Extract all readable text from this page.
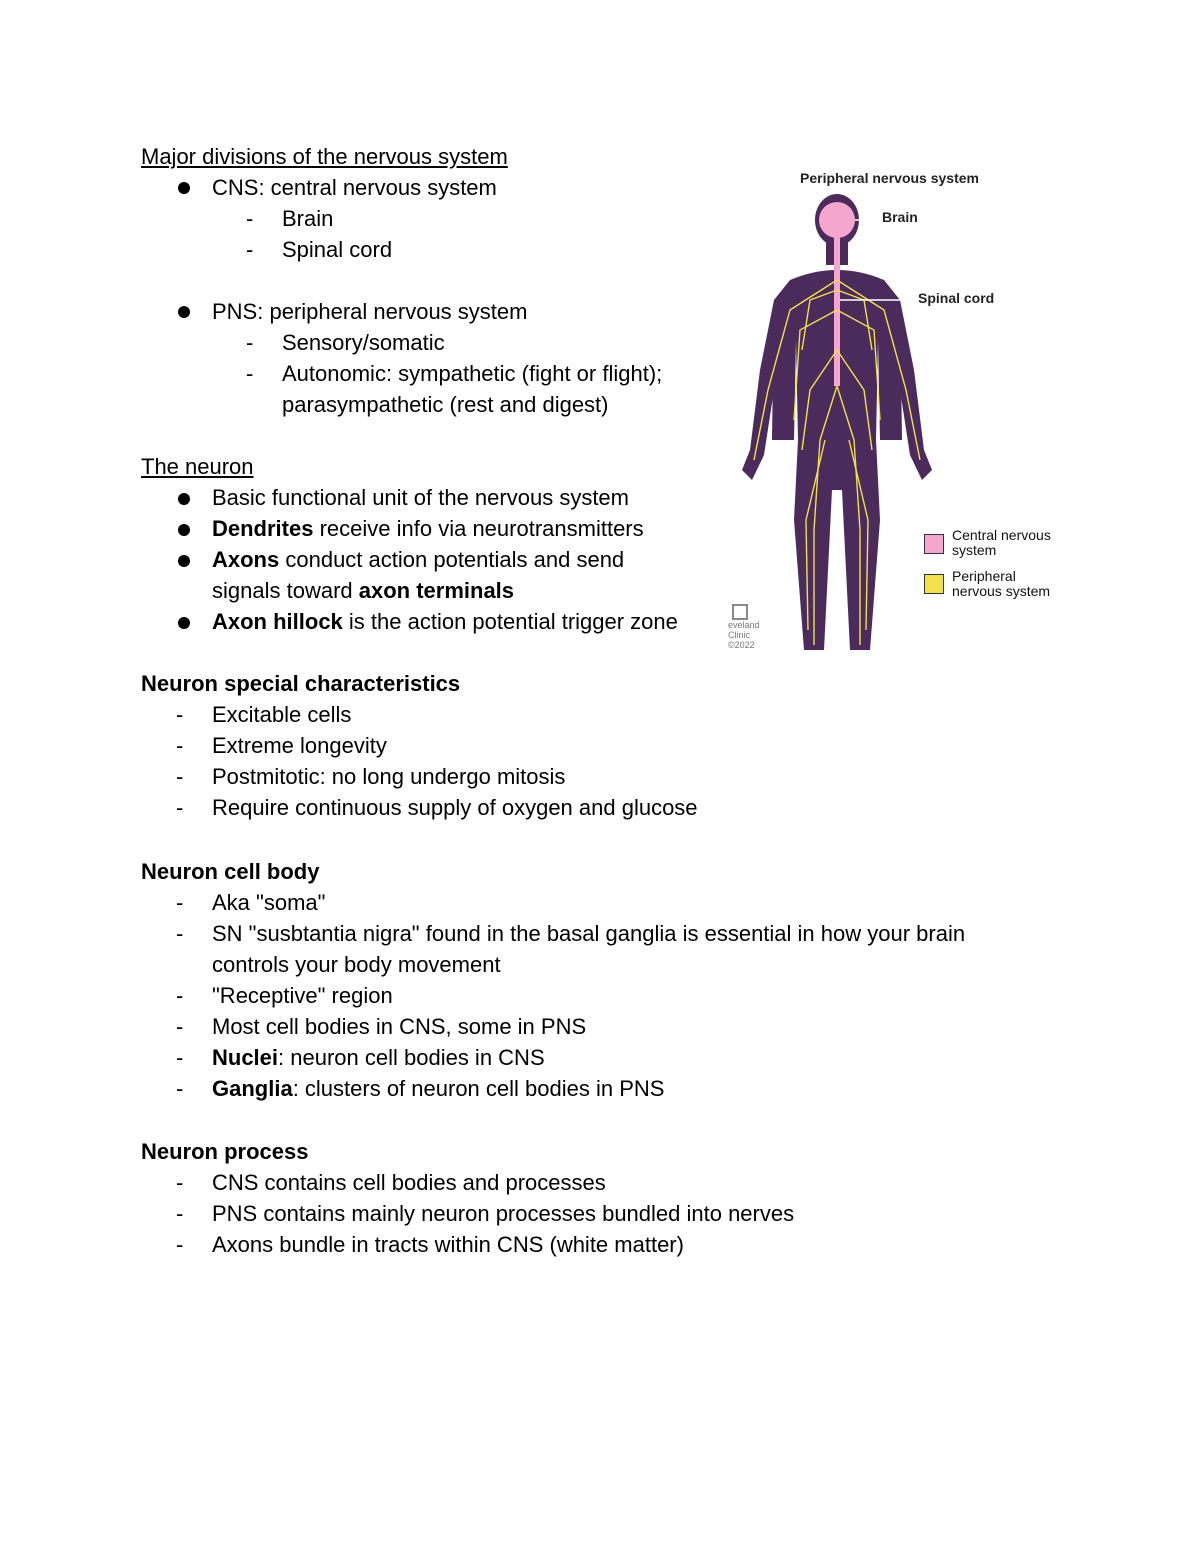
Major divisions of the nervous system
CNS: central nervous system
- Brain
- Spinal cord
PNS: peripheral nervous system
- Sensory/somatic
- Autonomic: sympathetic (fight or flight);
parasympathetic (rest and digest)
The neuron
Basic functional unit of the nervous system
Dendrites receive info via neurotransmitters
Axons conduct action potentials and send
signals toward axon terminals
Axon hillock is the action potential trigger zone
Neuron special characteristics
- Excitable cells
- Extreme longevity
- Postmitotic: no long undergo mitosis
- Require continuous supply of oxygen and glucose
Neuron cell body
- Aka "soma"
- SN "susbtantia nigra" found in the basal ganglia is essential in how your brain
controls your body movement
- "Receptive" region
- Most cell bodies in CNS, some in PNS
- Nuclei: neuron cell bodies in CNS
- Ganglia: clusters of neuron cell bodies in PNS
Neuron process
- CNS contains cell bodies and processes
- PNS contains mainly neuron processes bundled into nerves
- Axons bundle in tracts within CNS (white matter)
Peripheral nervous system
Brain
Spinal cord
Central nervous system
Peripheral nervous system
eveland Clinic ©2022
